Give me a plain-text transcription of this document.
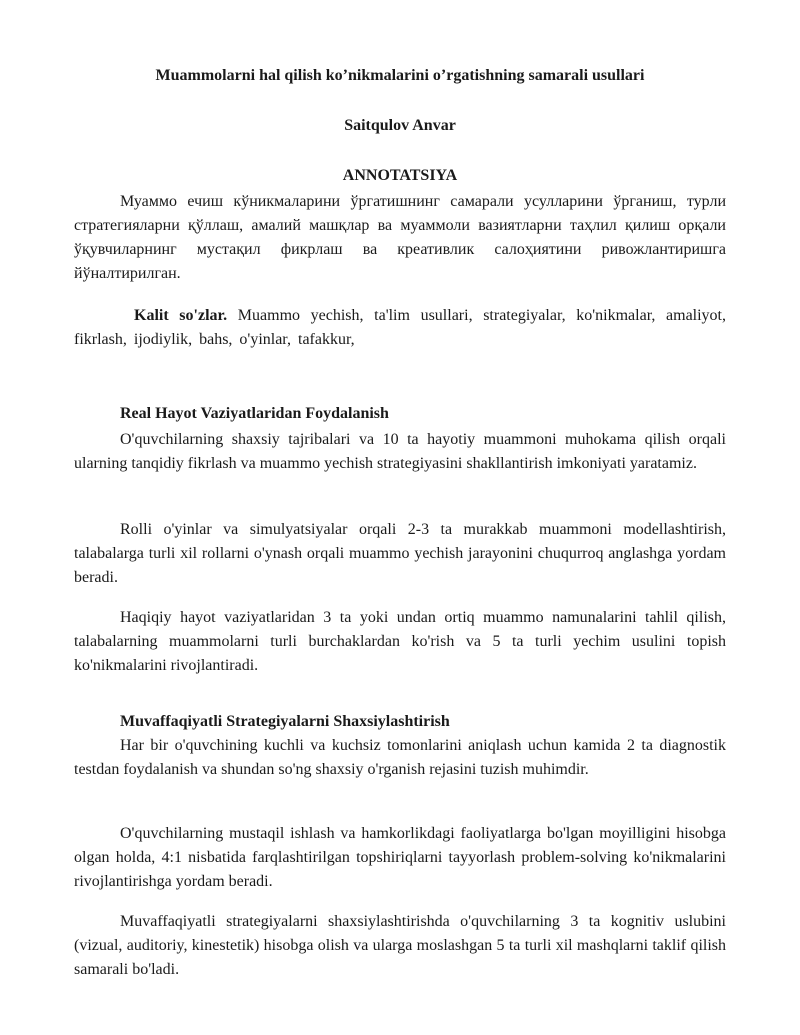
Muammolarni hal qilish ko’nikmalarini o’rgatishning samarali usullari
Saitqulov Anvar
ANNOTATSIYA

Муаммо ечиш кўникмаларини ўргатишнинг самарали усулларини ўрганиш, турли стратегияларни қўллаш, амалий машқлар ва муаммоли вазиятларни таҳлил қилиш орқали ўқувчиларнинг мустақил фикрлаш ва креативлик салоҳиятини ривожлантиришга йўналтирилган.

Kalit so'zlar. Muammo yechish, ta'lim usullari, strategiyalar, ko'nikmalar, amaliyot, fikrlash, ijodiylik, bahs, o'yinlar, tafakkur,

Real Hayot Vaziyatlaridan Foydalanish

O'quvchilarning shaxsiy tajribalari va 10 ta hayotiy muammoni muhokama qilish orqali ularning tanqidiy fikrlash va muammo yechish strategiyasini shakllantirish imkoniyati yaratamiz.

Rolli o'yinlar va simulyatsiyalar orqali 2-3 ta murakkab muammoni modellashtirish, talabalarga turli xil rollarni o'ynash orqali muammo yechish jarayonini chuqurroq anglashga yordam beradi.

Haqiqiy hayot vaziyatlaridan 3 ta yoki undan ortiq muammo namunalarini tahlil qilish, talabalarning muammolarni turli burchaklardan ko'rish va 5 ta turli yechim usulini topish ko'nikmalarini rivojlantiradi.

Muvaffaqiyatli Strategiyalarni Shaxsiylashtirish

Har bir o'quvchining kuchli va kuchsiz tomonlarini aniqlash uchun kamida 2 ta diagnostik testdan foydalanish va shundan so'ng shaxsiy o'rganish rejasini tuzish muhimdir.

O'quvchilarning mustaqil ishlash va hamkorlikdagi faoliyatlarga bo'lgan moyilligini hisobga olgan holda, 4:1 nisbatida farqlashtirilgan topshiriqlarni tayyorlash problem-solving ko'nikmalarini rivojlantirishga yordam beradi.

Muvaffaqiyatli strategiyalarni shaxsiylashtirishda o'quvchilarning 3 ta kognitiv uslubini (vizual, auditoriy, kinestetik) hisobga olish va ularga moslashgan 5 ta turli xil mashqlarni taklif qilish samarali bo'ladi.
